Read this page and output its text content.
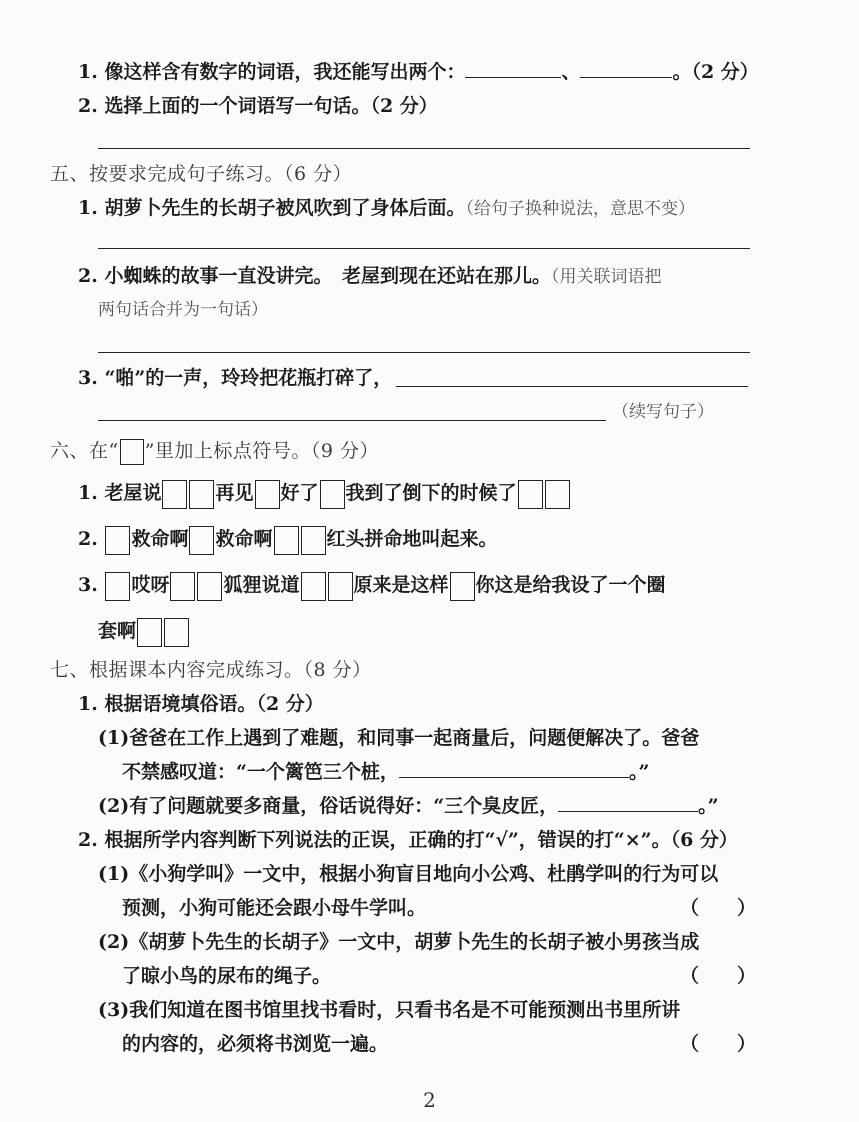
1. 像这样含有数字的词语，我还能写出两个：	、	。（2 分）
2. 选择上面的一个词语写一句话。（2 分）
五、按要求完成句子练习。（6 分）
1. 胡萝卜先生的长胡子被风吹到了身体后面。（给句子换种说法，意思不变）
2. 小蜘蛛的故事一直没讲完。　老屋到现在还站在那儿。（用关联词语把
两句话合并为一句话）
3. “啪”的一声，玲玲把花瓶打碎了，
（续写句子）
六、在“ ”里加上标点符号。（9 分）
1. 老屋说	再见 好了 我到了倒下的时候了
2. 救命啊 救命啊	红头拼命地叫起来。
3. 哎呀	狐狸说道	原来是这样 你这是给我设了一个圈
套啊
七、根据课本内容完成练习。（8 分）
1. 根据语境填俗语。（2 分）
(1)爸爸在工作上遇到了难题，和同事一起商量后，问题便解决了。爸爸
不禁感叹道：“一个篱笆三个桩，	。”
(2)有了问题就要多商量，俗话说得好：“三个臭皮匠，	。”
2. 根据所学内容判断下列说法的正误，正确的打“√”，错误的打“×”。（6 分）
(1)《小狗学叫》一文中，根据小狗盲目地向小公鸡、杜鹃学叫的行为可以
预测，小狗可能还会跟小母牛学叫。	（　　）
(2)《胡萝卜先生的长胡子》一文中，胡萝卜先生的长胡子被小男孩当成
了晾小鸟的尿布的绳子。	（　　）
(3)我们知道在图书馆里找书看时，只看书名是不可能预测出书里所讲
的内容的，必须将书浏览一遍。	（　　）
2
